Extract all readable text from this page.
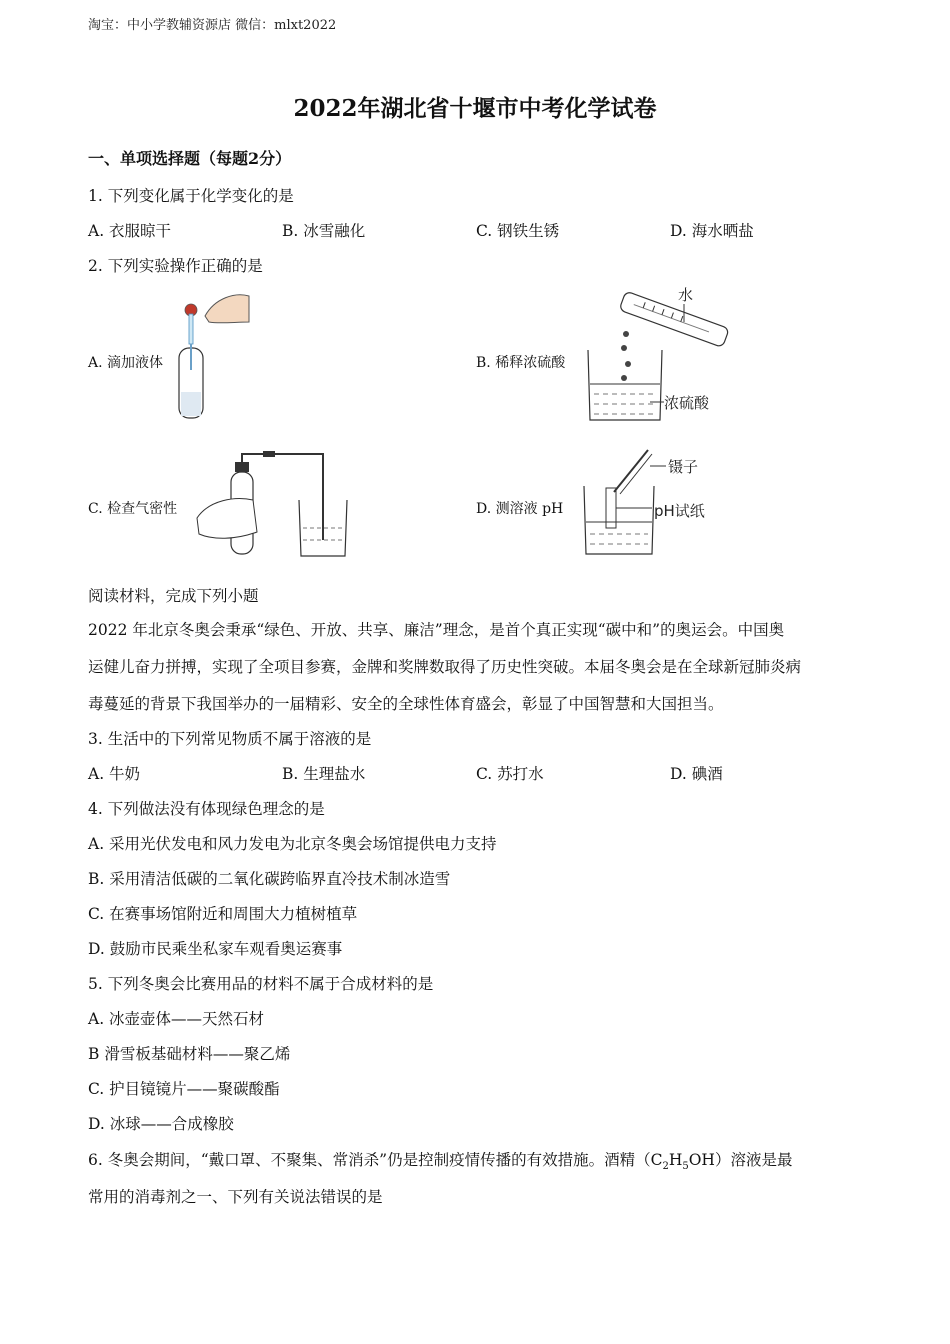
淘宝：中小学教辅资源店 微信：mlxt2022
2022年湖北省十堰市中考化学试卷
一、单项选择题（每题2分）
1. 下列变化属于化学变化的是
A. 衣服晾干	B. 冰雪融化	C. 钢铁生锈	D. 海水晒盐
2. 下列实验操作正确的是
A. 滴加液体	B. 稀释浓硫酸
C. 检查气密性	D. 测溶液 pH
水
浓硫酸
镊子
pH试纸
阅读材料，完成下列小题
2022 年北京冬奥会秉承“绿色、开放、共享、廉洁”理念，是首个真正实现“碳中和”的奥运会。中国奥
运健儿奋力拼搏，实现了全项目参赛，金牌和奖牌数取得了历史性突破。本届冬奥会是在全球新冠肺炎病
毒蔓延的背景下我国举办的一届精彩、安全的全球性体育盛会，彰显了中国智慧和大国担当。
3. 生活中的下列常见物质不属于溶液的是
A. 牛奶	B. 生理盐水	C. 苏打水	D. 碘酒
4. 下列做法没有体现绿色理念的是
A. 采用光伏发电和风力发电为北京冬奥会场馆提供电力支持
B. 采用清洁低碳的二氧化碳跨临界直冷技术制冰造雪
C. 在赛事场馆附近和周围大力植树植草
D. 鼓励市民乘坐私家车观看奥运赛事
5. 下列冬奥会比赛用品的材料不属于合成材料的是
A. 冰壶壶体——天然石材
B 滑雪板基础材料——聚乙烯
C. 护目镜镜片——聚碳酸酯
D. 冰球——合成橡胶
6. 冬奥会期间，“戴口罩、不聚集、常消杀”仍是控制疫情传播的有效措施。酒精$(C_2H_5OH)$溶液是最
常用的消毒剂之一、下列有关说法错误的是
